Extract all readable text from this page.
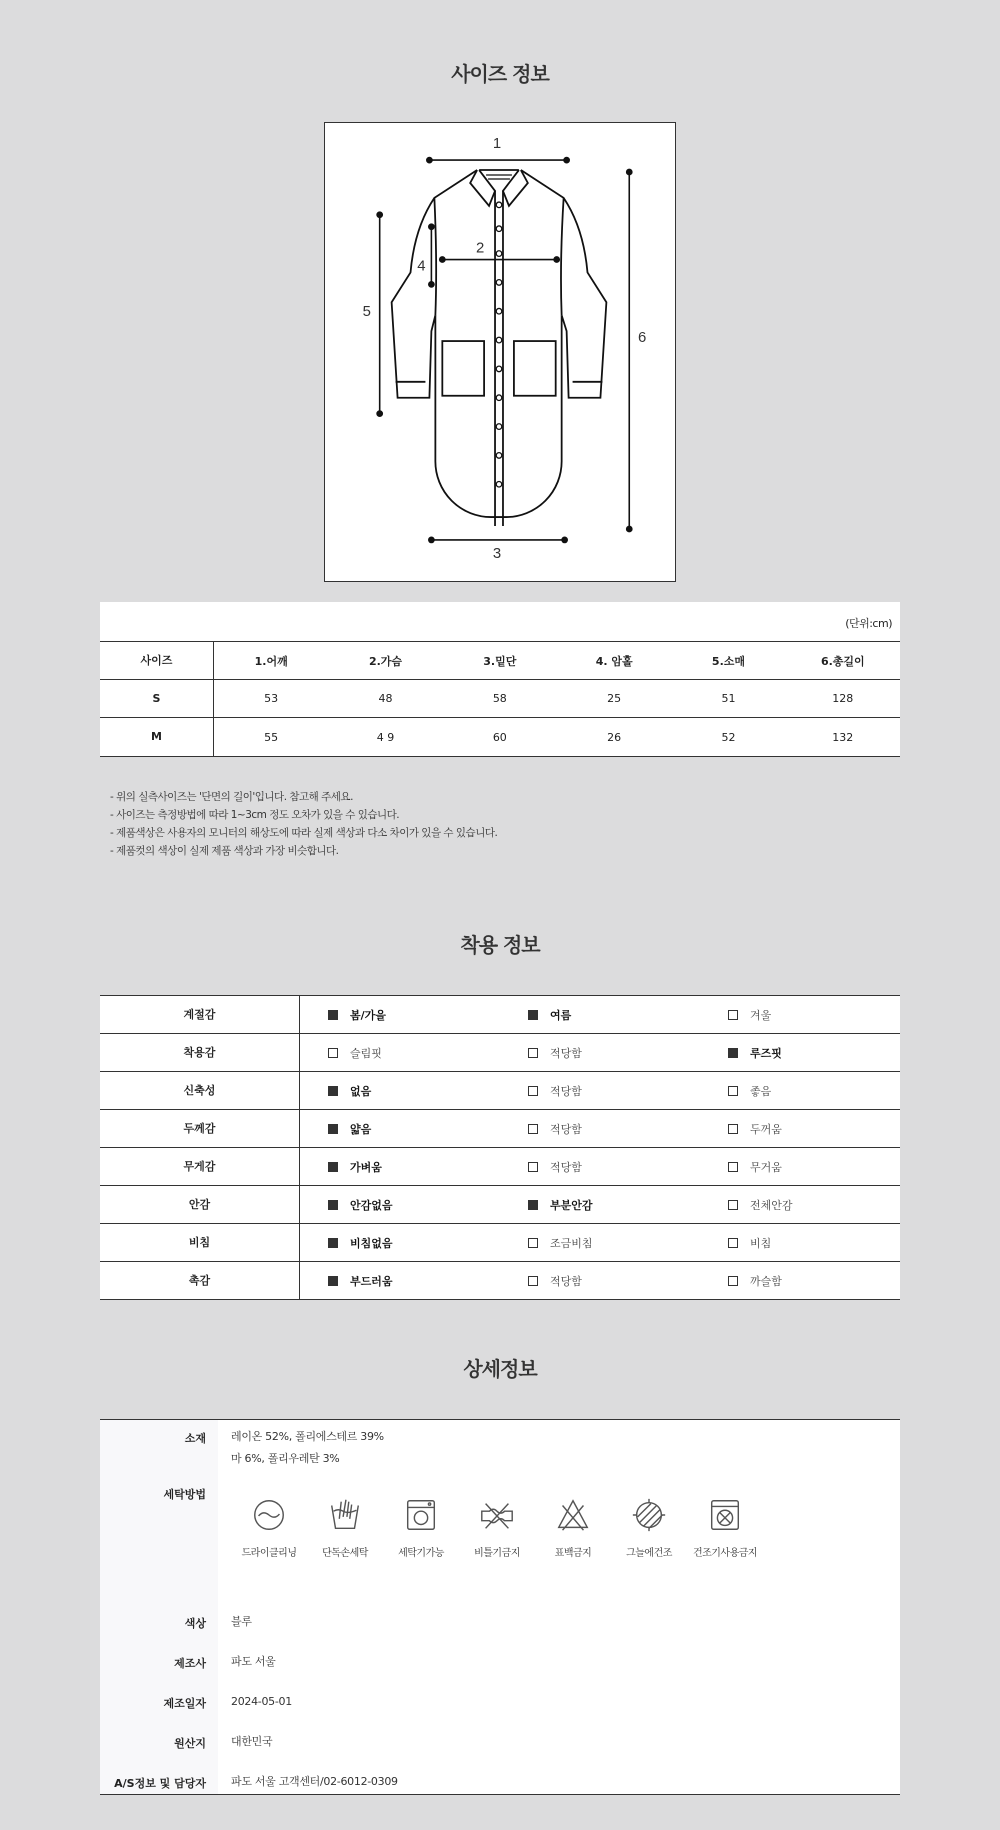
사이즈 정보
1
2
3
4
5
6
(단위:cm)
사이즈	1.어깨	2.가슴	3.밑단	4. 암홀	5.소매	6.총길이
S	53	48	58	25	51	128
M	55	4 9	60	26	52	132
- 위의 실측사이즈는 '단면의 길이'입니다. 참고해 주세요.
- 사이즈는 측정방법에 따라 1~3cm 정도 오차가 있을 수 있습니다.
- 제품색상은 사용자의 모니터의 해상도에 따라 실제 색상과 다소 차이가 있을 수 있습니다.
- 제품컷의 색상이 실제 제품 색상과 가장 비슷합니다.
착용 정보
계절감	봄/가을	여름	겨울
착용감	슬림핏	적당함	루즈핏
신축성	없음	적당함	좋음
두께감	얇음	적당함	두꺼움
무게감	가벼움	적당함	무거움
안감	안감없음	부분안감	전체안감
비침	비침없음	조금비침	비침
촉감	부드러움	적당함	까슬함
상세정보
소재 레이온 52%, 폴리에스테르 39%
마 6%, 폴리우레탄 3%
세탁방법
드라이클리닝	단독손세탁	세탁기가능	비틀기금지	표백금지	그늘에건조	건조기사용금지
색상 블루
제조사 파도 서울
제조일자 2024-05-01
원산지 대한민국
A/S정보 및 담당자 파도 서울 고객센터/02-6012-0309
